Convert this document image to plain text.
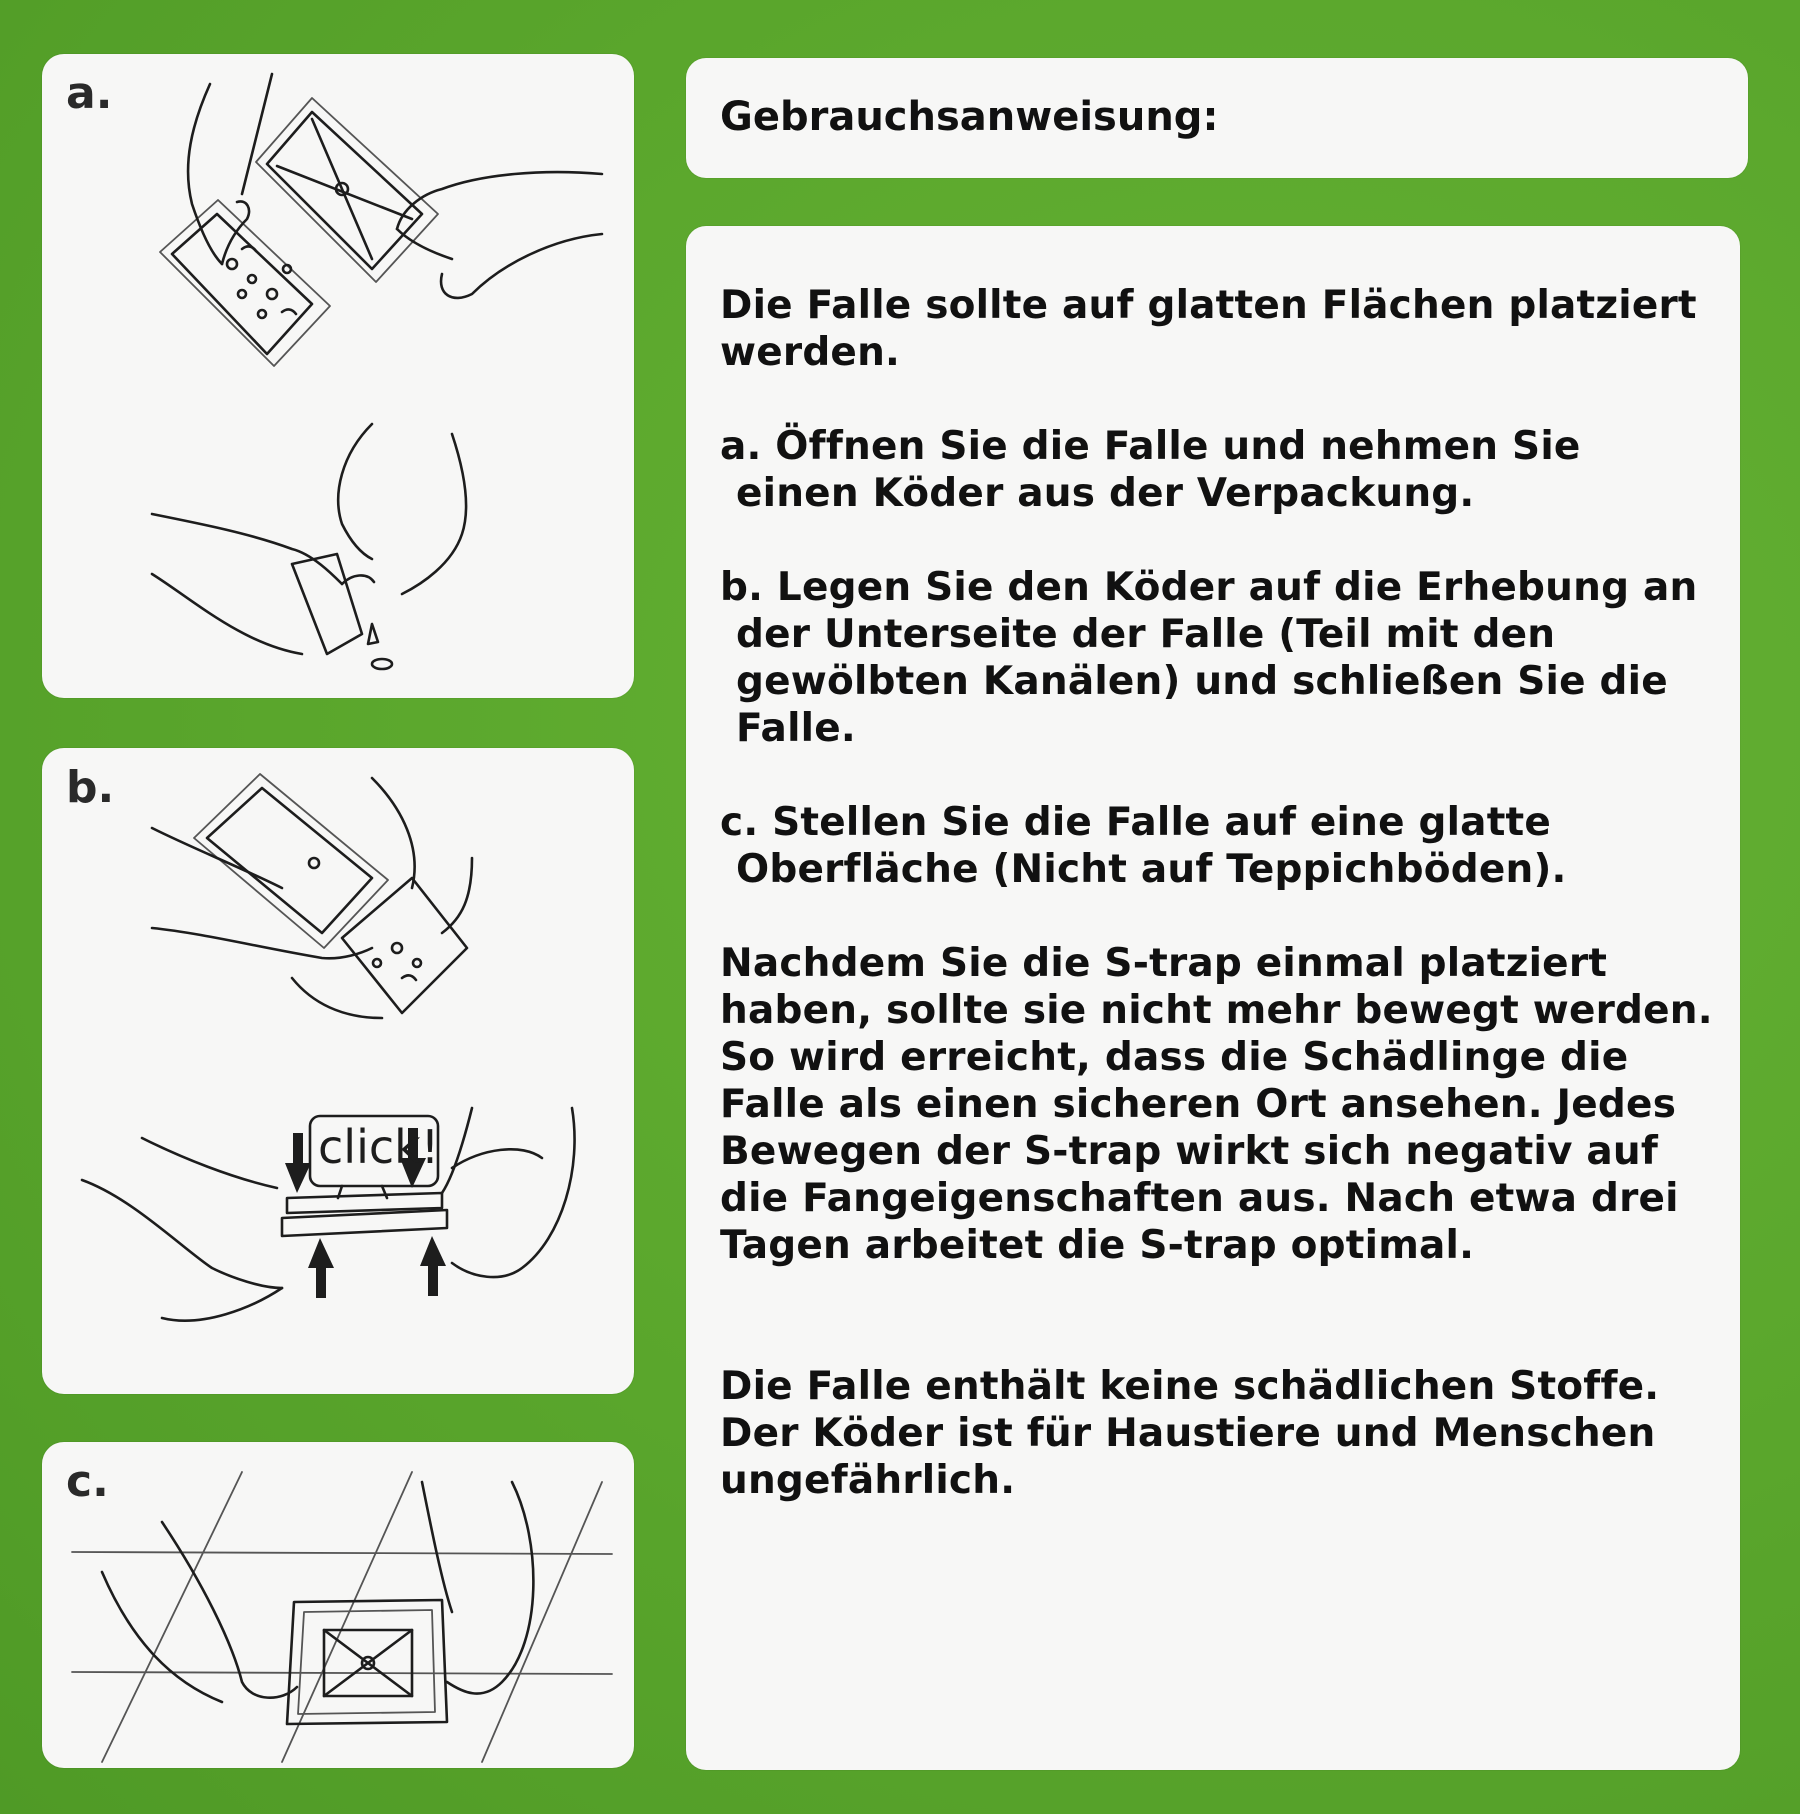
a.
b.
click!
c.
Gebrauchsanweisung:

Die Falle sollte auf glatten Flächen platziert
werden.

a. Öffnen Sie die Falle und nehmen Sie
einen Köder aus der Verpackung.

b. Legen Sie den Köder auf die Erhebung an
der Unterseite der Falle (Teil mit den
gewölbten Kanälen) und schließen Sie die
Falle.

c. Stellen Sie die Falle auf eine glatte
Oberfläche (Nicht auf Teppichböden).

Nachdem Sie die S-trap einmal platziert
haben, sollte sie nicht mehr bewegt werden.
So wird erreicht, dass die Schädlinge die
Falle als einen sicheren Ort ansehen. Jedes
Bewegen der S-trap wirkt sich negativ auf
die Fangeigenschaften aus. Nach etwa drei
Tagen arbeitet die S-trap optimal.

Die Falle enthält keine schädlichen Stoffe.
Der Köder ist für Haustiere und Menschen
ungefährlich.
